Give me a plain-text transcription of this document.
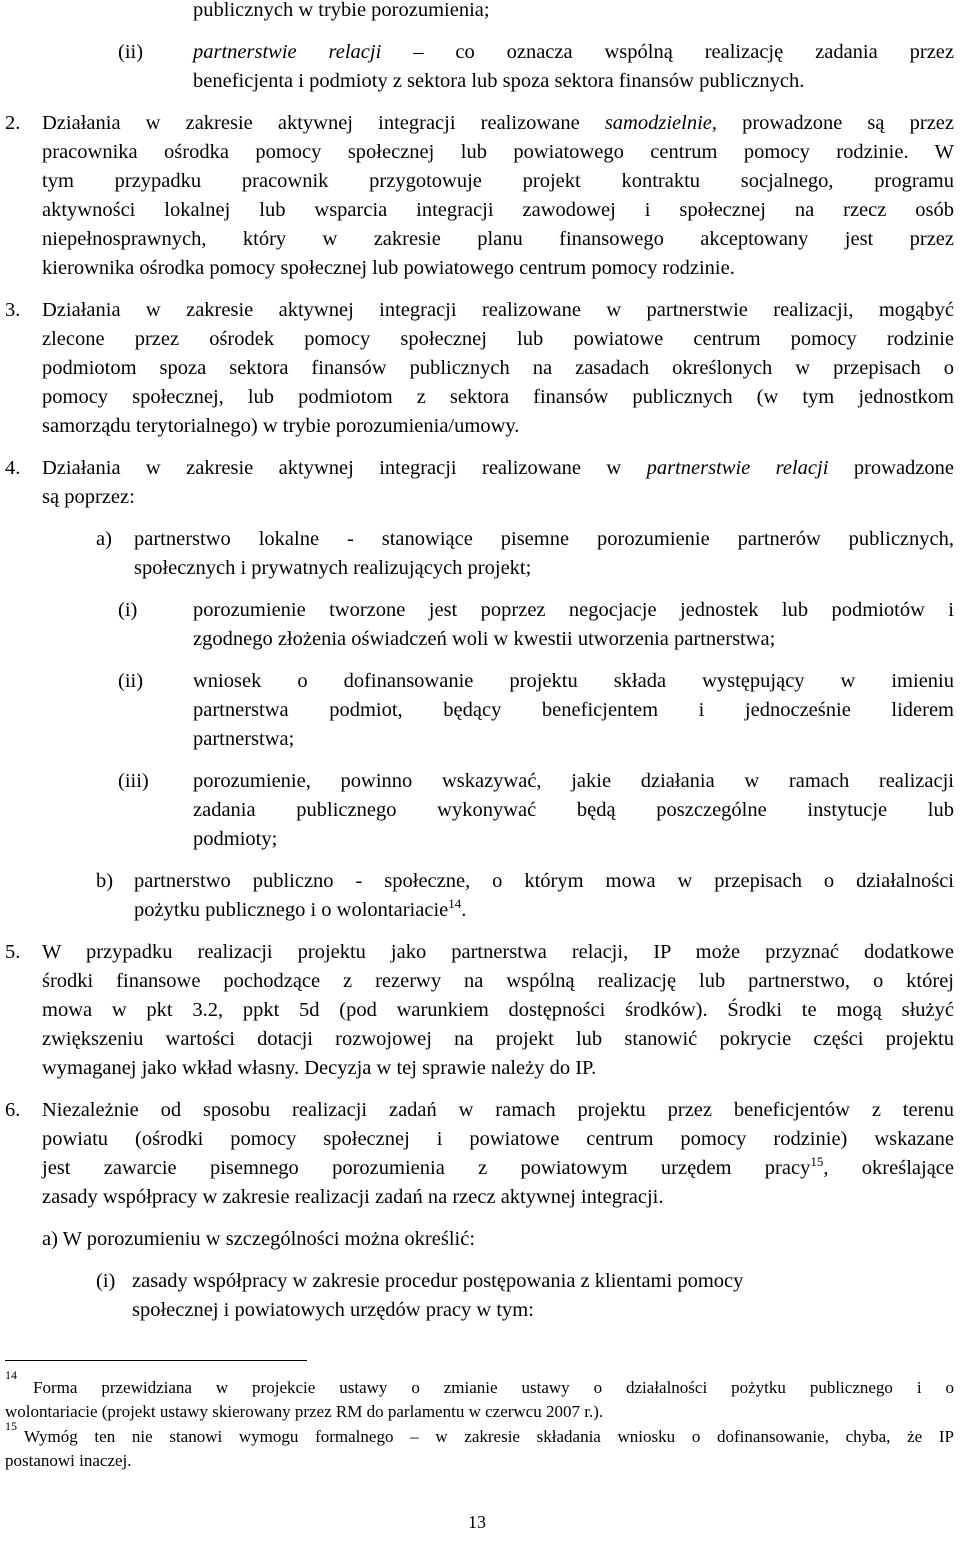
publicznych w trybie porozumienia;
(ii) partnerstwie relacji – co oznacza wspólną realizację zadania przez
beneficjenta i podmioty z sektora lub spoza sektora finansów publicznych.
2. Działania w zakresie aktywnej integracji realizowane samodzielnie, prowadzone są przez
pracownika ośrodka pomocy społecznej lub powiatowego centrum pomocy rodzinie. W
tym przypadku pracownik przygotowuje projekt kontraktu socjalnego, programu
aktywności lokalnej lub wsparcia integracji zawodowej i społecznej na rzecz osób
niepełnosprawnych, który w zakresie planu finansowego akceptowany jest przez
kierownika ośrodka pomocy społecznej lub powiatowego centrum pomocy rodzinie.
3. Działania w zakresie aktywnej integracji realizowane w partnerstwie realizacji, mogąbyć
zlecone przez ośrodek pomocy społecznej lub powiatowe centrum pomocy rodzinie
podmiotom spoza sektora finansów publicznych na zasadach określonych w przepisach o
pomocy społecznej, lub podmiotom z sektora finansów publicznych (w tym jednostkom
samorządu terytorialnego) w trybie porozumienia/umowy.
4. Działania w zakresie aktywnej integracji realizowane w partnerstwie relacji prowadzone
są poprzez:
a) partnerstwo lokalne - stanowiące pisemne porozumienie partnerów publicznych,
społecznych i prywatnych realizujących projekt;
(i)	porozumienie tworzone jest poprzez negocjacje jednostek lub podmiotów i
zgodnego złożenia oświadczeń woli w kwestii utworzenia partnerstwa;
(ii) wniosek o dofinansowanie projektu składa występujący w imieniu
partnerstwa podmiot, będący beneficjentem i jednocześnie liderem
partnerstwa;
(iii) porozumienie, powinno wskazywać, jakie działania w ramach realizacji
zadania publicznego wykonywać będą poszczególne instytucje lub
podmioty;
b) partnerstwo publiczno - społeczne, o którym mowa w przepisach o działalności
pożytku publicznego i o wolontariacie$^{14}$.
5. W przypadku realizacji projektu jako partnerstwa relacji, IP może przyznać dodatkowe
środki finansowe pochodzące z rezerwy na wspólną realizację lub partnerstwo, o której
mowa w pkt 3.2, ppkt 5d (pod warunkiem dostępności środków). Środki te mogą służyć
zwiększeniu wartości dotacji rozwojowej na projekt lub stanowić pokrycie części projektu
wymaganej jako wkład własny. Decyzja w tej sprawie należy do IP.
6. Niezależnie od sposobu realizacji zadań w ramach projektu przez beneficjentów z terenu
powiatu (ośrodki pomocy społecznej i powiatowe centrum pomocy rodzinie) wskazane
jest zawarcie pisemnego porozumienia z powiatowym urzędem pracy$^{15}$, określające
zasady współpracy w zakresie realizacji zadań na rzecz aktywnej integracji.
a) W porozumieniu w szczególności można określić:
(i) zasady współpracy w zakresie procedur postępowania z klientami pomocy
społecznej i powiatowych urzędów pracy w tym:
14
Forma przewidziana w projekcie ustawy o zmianie ustawy o działalności pożytku publicznego i o
wolontariacie (projekt ustawy skierowany przez RM do parlamentu w czerwcu 2007 r.).
15
Wymóg ten nie stanowi wymogu formalnego – w zakresie składania wniosku o dofinansowanie, chyba, że IP
postanowi inaczej.
13
